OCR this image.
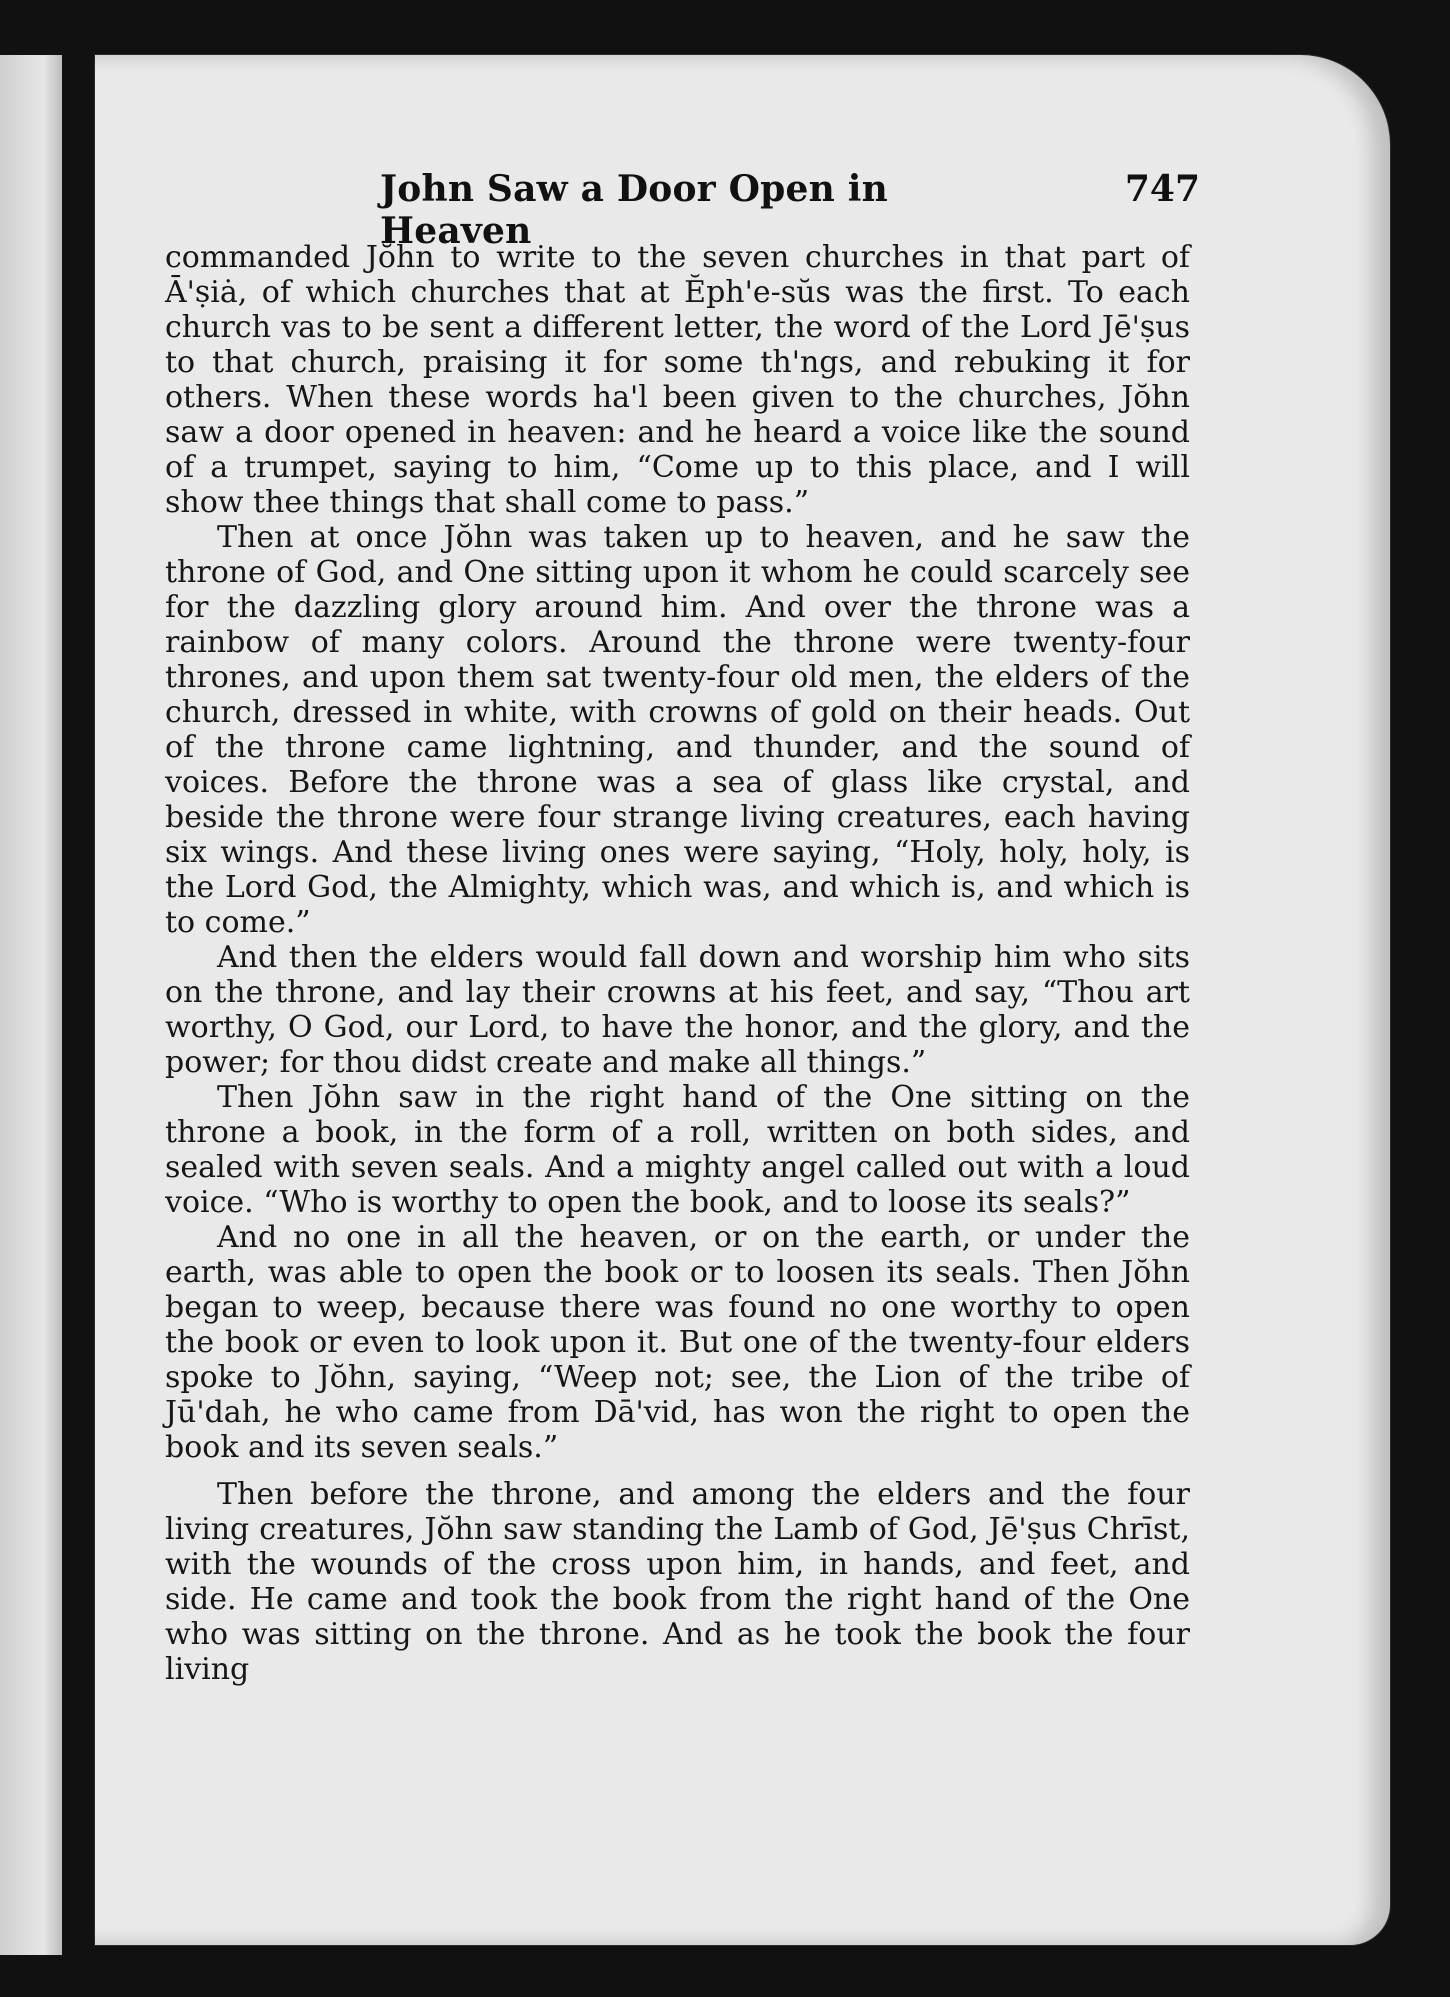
John Saw a Door Open in Heaven
747

commanded Jŏhn to write to the seven churches in that part of Ā'ṣiȧ, of which churches that at Ĕph'e-sŭs was the first. To each church vas to be sent a different letter, the word of the Lord Jē'ṣus to that church, praising it for some th'ngs, and rebuking it for others. When these words ha'l been given to the churches, Jŏhn saw a door opened in heaven: and he heard a voice like the sound of a trumpet, saying to him, “Come up to this place, and I will show thee things that shall come to pass.”

Then at once Jŏhn was taken up to heaven, and he saw the throne of God, and One sitting upon it whom he could scarcely see for the dazzling glory around him. And over the throne was a rainbow of many colors. Around the throne were twenty-four thrones, and upon them sat twenty-four old men, the elders of the church, dressed in white, with crowns of gold on their heads. Out of the throne came lightning, and thunder, and the sound of voices. Before the throne was a sea of glass like crystal, and beside the throne were four strange living creatures, each having six wings. And these living ones were saying, “Holy, holy, holy, is the Lord God, the Almighty, which was, and which is, and which is to come.”

And then the elders would fall down and worship him who sits on the throne, and lay their crowns at his feet, and say, “Thou art worthy, O God, our Lord, to have the honor, and the glory, and the power; for thou didst create and make all things.”

Then Jŏhn saw in the right hand of the One sitting on the throne a book, in the form of a roll, written on both sides, and sealed with seven seals. And a mighty angel called out with a loud voice. “Who is worthy to open the book, and to loose its seals?”

And no one in all the heaven, or on the earth, or under the earth, was able to open the book or to loosen its seals. Then Jŏhn began to weep, because there was found no one worthy to open the book or even to look upon it. But one of the twenty-four elders spoke to Jŏhn, saying, “Weep not; see, the Lion of the tribe of Jū'dah, he who came from Dā'vid, has won the right to open the book and its seven seals.”

Then before the throne, and among the elders and the four living creatures, Jŏhn saw standing the Lamb of God, Jē'ṣus Chrīst, with the wounds of the cross upon him, in hands, and feet, and side. He came and took the book from the right hand of the One who was sitting on the throne. And as he took the book the four living
